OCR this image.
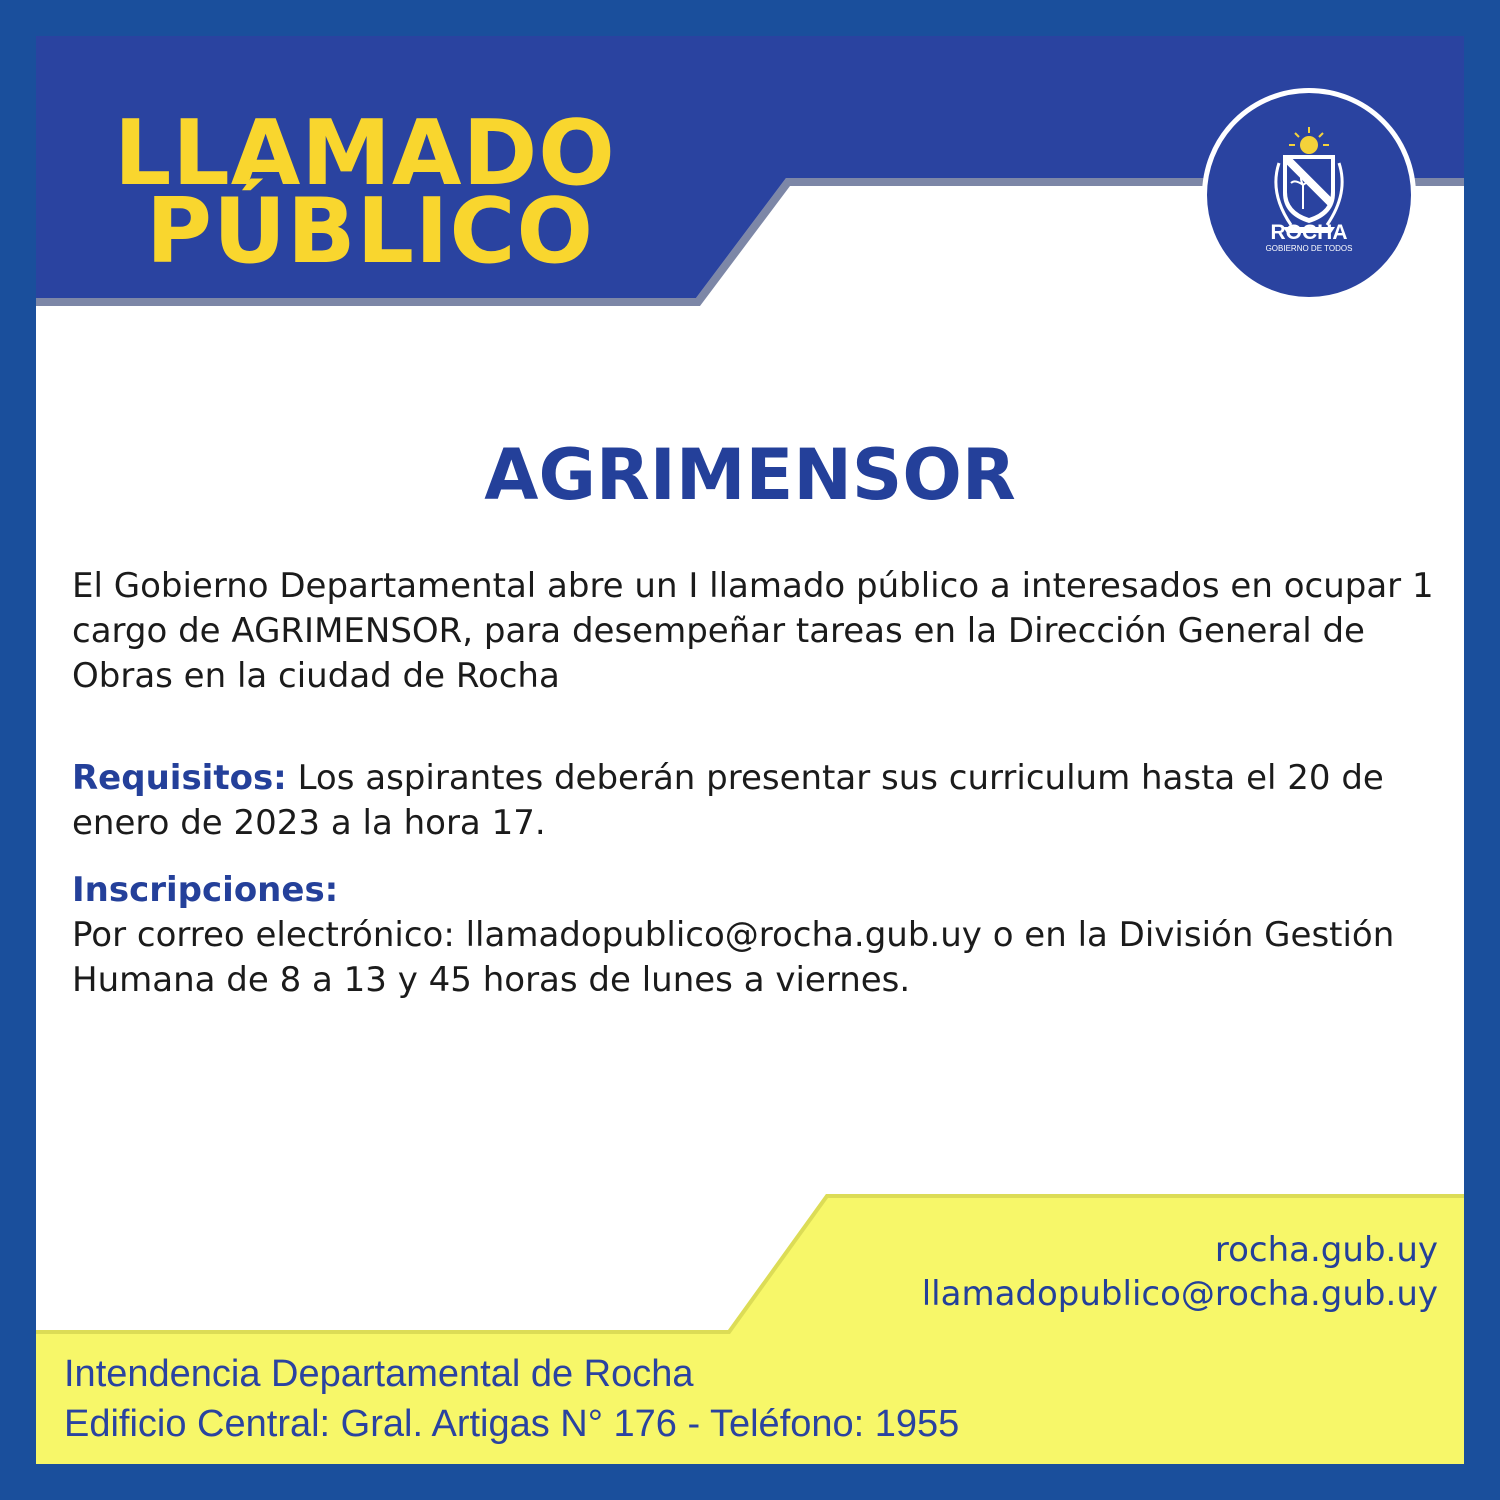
LLAMADO
PÚBLICO	ROCHA
GOBIERNO DE TODOS
AGRIMENSOR
El Gobierno Departamental abre un I llamado público a interesados en ocupar 1 cargo de AGRIMENSOR, para desempeñar tareas en la Dirección General de Obras en la ciudad de Rocha
Requisitos: Los aspirantes deberán presentar sus curriculum hasta el 20 de enero de 2023 a la hora 17.
Inscripciones:
Por correo electrónico: llamadopublico@rocha.gub.uy o en la División Gestión Humana de 8 a 13 y 45 horas de lunes a viernes.
rocha.gub.uy
llamadopublico@rocha.gub.uy
Intendencia Departamental de Rocha
Edificio Central: Gral. Artigas N° 176 - Teléfono: 1955
